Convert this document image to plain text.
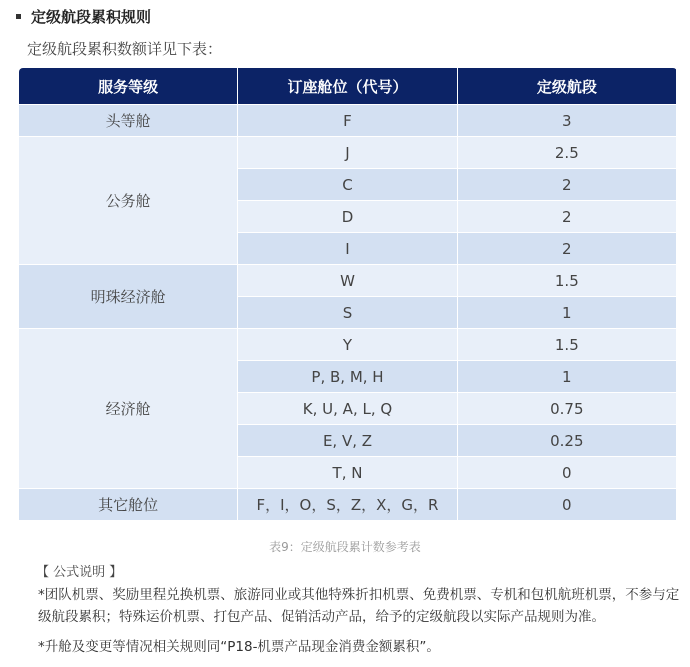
定级航段累积规则
定级航段累积数额详见下表：
服务等级	订座舱位（代号）	定级航段
头等舱	F	3
公务舱	J	2.5
	C	2
	D	2
	I	2
明珠经济舱	W	1.5
	S	1
经济舱	Y	1.5
	P, B, M, H	1
	K, U, A, L, Q	0.75
	E, V, Z	0.25
	T, N	0
其它舱位	F，I，O，S，Z，X，G，R	0
表9：定级航段累计数参考表
【 公式说明 】
*团队机票、奖励里程兑换机票、旅游同业或其他特殊折扣机票、免费机票、专机和包机航班机票，不参与定级航段累积；特殊运价机票、打包产品、促销活动产品，给予的定级航段以实际产品规则为准。
*升舱及变更等情况相关规则同“P18-机票产品现金消费金额累积”。
